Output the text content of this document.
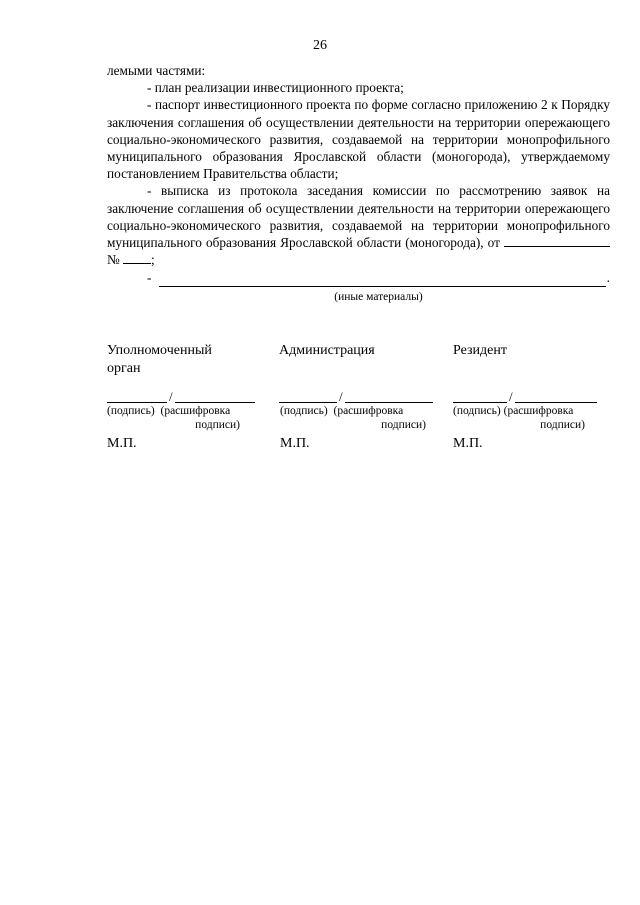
26

лемыми частями:

- план реализации инвестиционного проекта;

- паспорт инвестиционного проекта по форме согласно приложению 2 к Порядку заключения соглашения об осуществлении деятельности на территории опережающего социально-экономического развития, создаваемой на территории монопрофильного муниципального образования Ярославской области (моногорода), утверждаемому постановлением Правительства области;

- выписка из протокола заседания комиссии по рассмотрению заявок на заключение соглашения об осуществлении деятельности на территории опережающего социально-экономического развития, создаваемой на территории монопрофильного муниципального образования Ярославской области (моногорода), от  № ;

-	.
(иные материалы)
Уполномоченный орган
/
(подпись) (расшифровка
подписи)
М.П.
Администрация
/
(подпись) (расшифровка
подписи)
М.П.
Резидент
/
(подпись) (расшифровка
подписи)
М.П.
